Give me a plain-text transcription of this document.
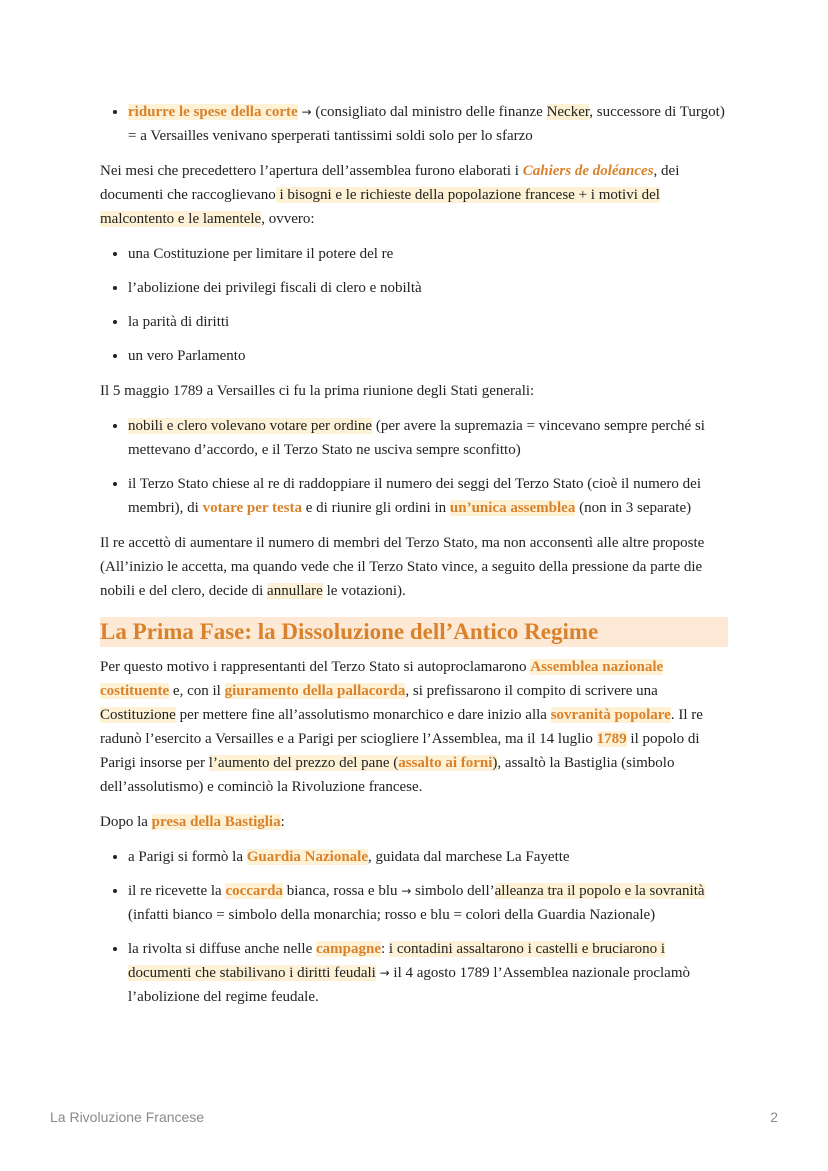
• ridurre le spese della corte → (consigliato dal ministro delle finanze Necker, successore di Turgot) = a Versailles venivano sperperati tantissimi soldi solo per lo sfarzo

Nei mesi che precedettero l’apertura dell’assemblea furono elaborati i Cahiers de doléances, dei documenti che raccoglievano i bisogni e le richieste della popolazione francese + i motivi del malcontento e le lamentele, ovvero:

• una Costituzione per limitare il potere del re
• l’abolizione dei privilegi fiscali di clero e nobiltà
• la parità di diritti
• un vero Parlamento

Il 5 maggio 1789 a Versailles ci fu la prima riunione degli Stati generali:

• nobili e clero volevano votare per ordine (per avere la supremazia = vincevano sempre perché si mettevano d’accordo, e il Terzo Stato ne usciva sempre sconfitto)
• il Terzo Stato chiese al re di raddoppiare il numero dei seggi del Terzo Stato (cioè il numero dei membri), di votare per testa e di riunire gli ordini in un’unica assemblea (non in 3 separate)

Il re accettò di aumentare il numero di membri del Terzo Stato, ma non acconsentì alle altre proposte (All’inizio le accetta, ma quando vede che il Terzo Stato vince, a seguito della pressione da parte die nobili e del clero, decide di annullare le votazioni).

La Prima Fase: la Dissoluzione dell’Antico Regime

Per questo motivo i rappresentanti del Terzo Stato si autoproclamarono Assemblea nazionale costituente e, con il giuramento della pallacorda, si prefissarono il compito di scrivere una Costituzione per mettere fine all’assolutismo monarchico e dare inizio alla sovranità popolare. Il re radunò l’esercito a Versailles e a Parigi per sciogliere l’Assemblea, ma il 14 luglio 1789 il popolo di Parigi insorse per l’aumento del prezzo del pane (assalto ai forni), assaltò la Bastiglia (simbolo dell’assolutismo) e cominciò la Rivoluzione francese.

Dopo la presa della Bastiglia:

• a Parigi si formò la Guardia Nazionale, guidata dal marchese La Fayette
• il re ricevette la coccarda bianca, rossa e blu → simbolo dell’alleanza tra il popolo e la sovranità (infatti bianco = simbolo della monarchia; rosso e blu = colori della Guardia Nazionale)
• la rivolta si diffuse anche nelle campagne: i contadini assaltarono i castelli e bruciarono i documenti che stabilivano i diritti feudali → il 4 agosto 1789 l’Assemblea nazionale proclamò l’abolizione del regime feudale.
La Rivoluzione Francese	2
